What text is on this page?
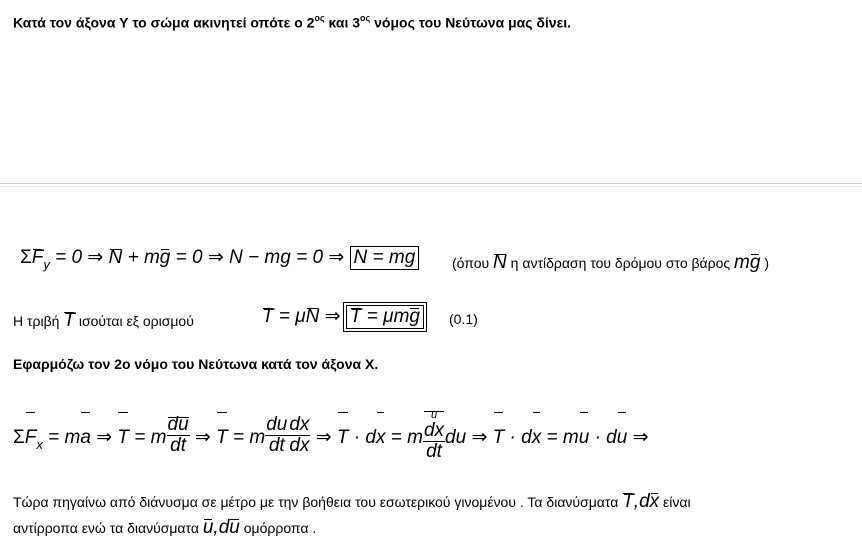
Κατά τον άξονα Υ το σώμα ακινητεί οπότε ο $2^{o\varsigma}$ και $3^{o\varsigma}$ νόμος του Νεύτωνα μας δίνει.
$\Sigma F_y = 0$ ⇒ N + mg = 0 ⇒ N − mg = 0 ⇒ N = mg	(όπου N η αντίδραση του δρόμου στο βάρος mg )
Η τριβή T ισούται εξ ορισμού	T = μN ⇒ T = μmg (0.1)
Εφαρμόζω τον 2ο νόμο του Νεύτωνα κατά τον άξονα Χ.
$\Sigma F_x$ = ma ⇒ T = m $\frac{du}{dt}$ ⇒ T = m $\frac{du}{dt} \frac{dx}{dx}$ ⇒ T · dx = m
u
dx
dt
du ⇒ T · dx = mu · du ⇒
Τώρα πηγαίνω από διάνυσμα σε μέτρο με την βοήθεια του εσωτερικού γινομένου . Τα διανύσματα T,dx είναι
αντίρροπα ενώ τα διανύσματα u,du ομόρροπα .
